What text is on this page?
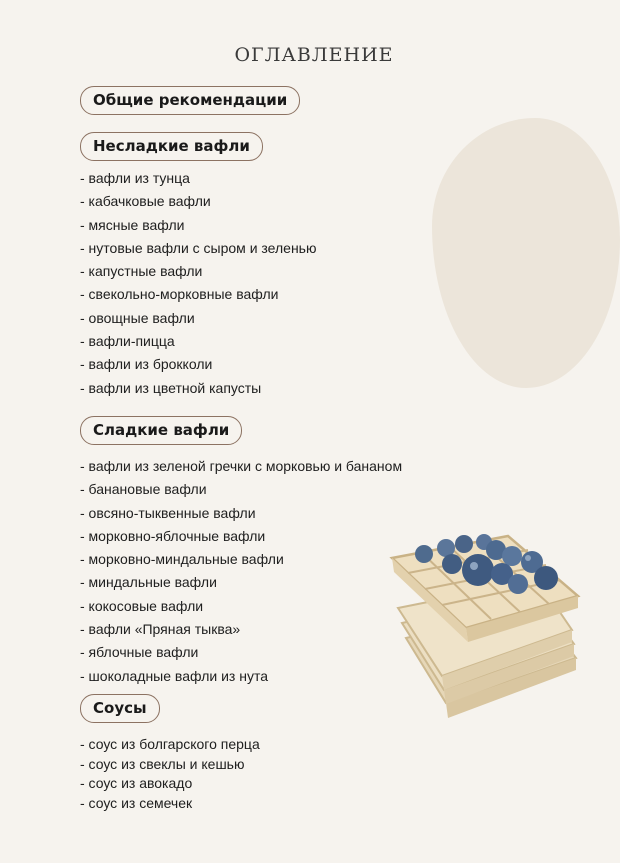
ОГЛАВЛЕНИЕ
Общие рекомендации
Несладкие вафли
- вафли из тунца
- кабачковые вафли
- мясные вафли
- нутовые вафли с сыром и зеленью
- капустные вафли
- свекольно-морковные вафли
- овощные вафли
- вафли-пицца
- вафли из брокколи
- вафли из цветной капусты
Сладкие вафли
- вафли из зеленой гречки с морковью и бананом
- банановые вафли
- овсяно-тыквенные вафли
- морковно-яблочные вафли
- морковно-миндальные вафли
- миндальные вафли
- кокосовые вафли
- вафли «Пряная тыква»
- яблочные вафли
- шоколадные вафли из нута
Соусы
- соус из болгарского перца
- соус из свеклы и кешью
- соус из авокадо
- соус из семечек
